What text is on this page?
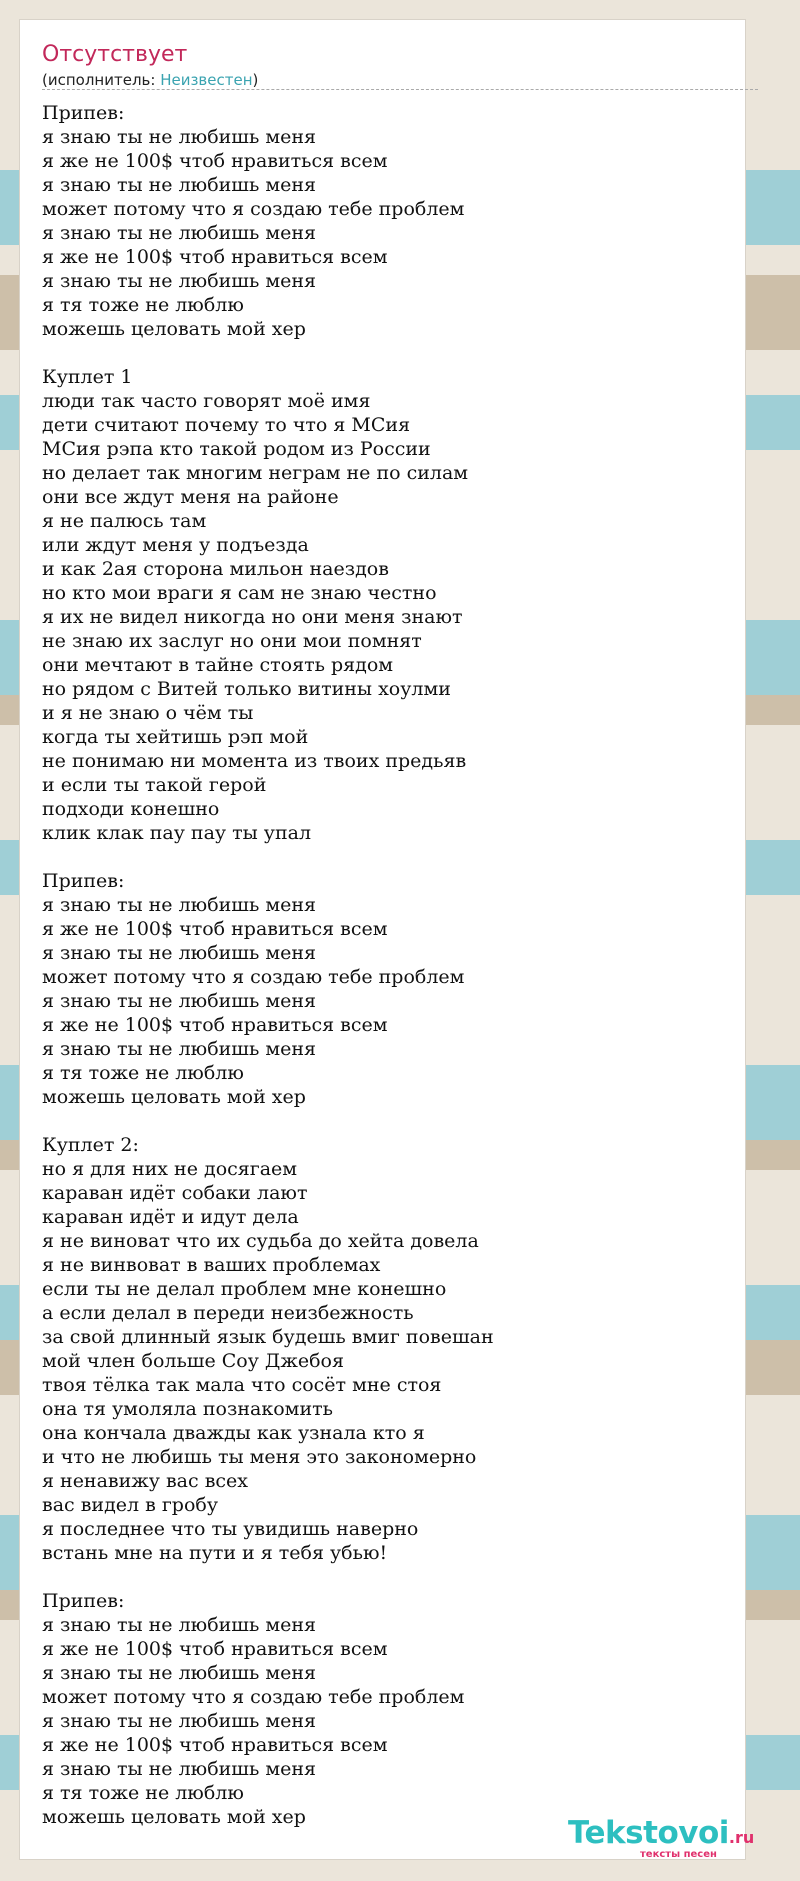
Отсутствует
(исполнитель: Неизвестен)
Припев:
я знаю ты не любишь меня
я же не 100$ чтоб нравиться всем
я знаю ты не любишь меня
может потому что я создаю тебе проблем
я знаю ты не любишь меня
я же не 100$ чтоб нравиться всем
я знаю ты не любишь меня
я тя тоже не люблю
можешь целовать мой хер
Куплет 1
люди так часто говорят моё имя
дети считают почему то что я МСия
МСия рэпа кто такой родом из России
но делает так многим неграм не по силам
они все ждут меня на районе
я не палюсь там
или ждут меня у подъезда
и как 2ая сторона мильон наездов
но кто мои враги я сам не знаю честно
я их не видел никогда но они меня знают
не знаю их заслуг но они мои помнят
они мечтают в тайне стоять рядом
но рядом с Витей только витины хоулми
и я не знаю о чём ты
когда ты хейтишь рэп мой
не понимаю ни момента из твоих предьяв
и если ты такой герой
подходи конешно
клик клак пау пау ты упал
Припев:
я знаю ты не любишь меня
я же не 100$ чтоб нравиться всем
я знаю ты не любишь меня
может потому что я создаю тебе проблем
я знаю ты не любишь меня
я же не 100$ чтоб нравиться всем
я знаю ты не любишь меня
я тя тоже не люблю
можешь целовать мой хер
Куплет 2:
но я для них не досягаем
караван идёт собаки лают
караван идёт и идут дела
я не виноват что их судьба до хейта довела
я не винвоват в ваших проблемах
если ты не делал проблем мне конешно
а если делал в переди неизбежность
за свой длинный язык будешь вмиг повешан
мой член больше Соу Джебоя
твоя тёлка так мала что сосёт мне стоя
она тя умоляла познакомить
она кончала дважды как узнала кто я
и что не любишь ты меня это закономерно
я ненавижу вас всех
вас видел в гробу
я последнее что ты увидишь наверно
встань мне на пути и я тебя убью!
Припев:
я знаю ты не любишь меня
я же не 100$ чтоб нравиться всем
я знаю ты не любишь меня
может потому что я создаю тебе проблем
я знаю ты не любишь меня
я же не 100$ чтоб нравиться всем
я знаю ты не любишь меня
я тя тоже не люблю
можешь целовать мой хер	Tekstovoi.ru
тексты песен
